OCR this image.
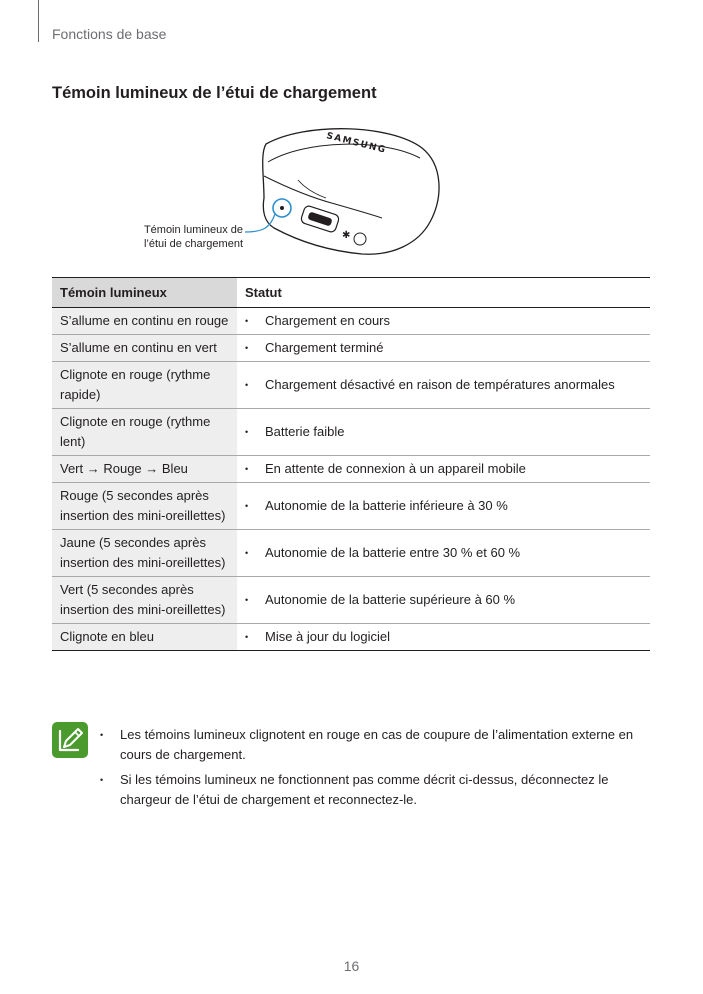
Fonctions de base
Témoin lumineux de l’étui de chargement
✱
SAMSUNG
Témoin lumineux de
l’étui de chargement
Témoin lumineux	Statut
S’allume en continu en rouge	• Chargement en cours
S’allume en continu en vert	• Chargement terminé
Clignote en rouge (rythme rapide)	• Chargement désactivé en raison de températures anormales
Clignote en rouge (rythme lent)	• Batterie faible
Vert → Rouge → Bleu	• En attente de connexion à un appareil mobile
Rouge (5 secondes après insertion des mini-oreillettes)	• Autonomie de la batterie inférieure à 30 %
Jaune (5 secondes après insertion des mini-oreillettes)	• Autonomie de la batterie entre 30 % et 60 %
Vert (5 secondes après insertion des mini-oreillettes)	• Autonomie de la batterie supérieure à 60 %
Clignote en bleu	• Mise à jour du logiciel
• Les témoins lumineux clignotent en rouge en cas de coupure de l’alimentation externe en cours de chargement.
• Si les témoins lumineux ne fonctionnent pas comme décrit ci-dessus, déconnectez le chargeur de l’étui de chargement et reconnectez-le.
16
